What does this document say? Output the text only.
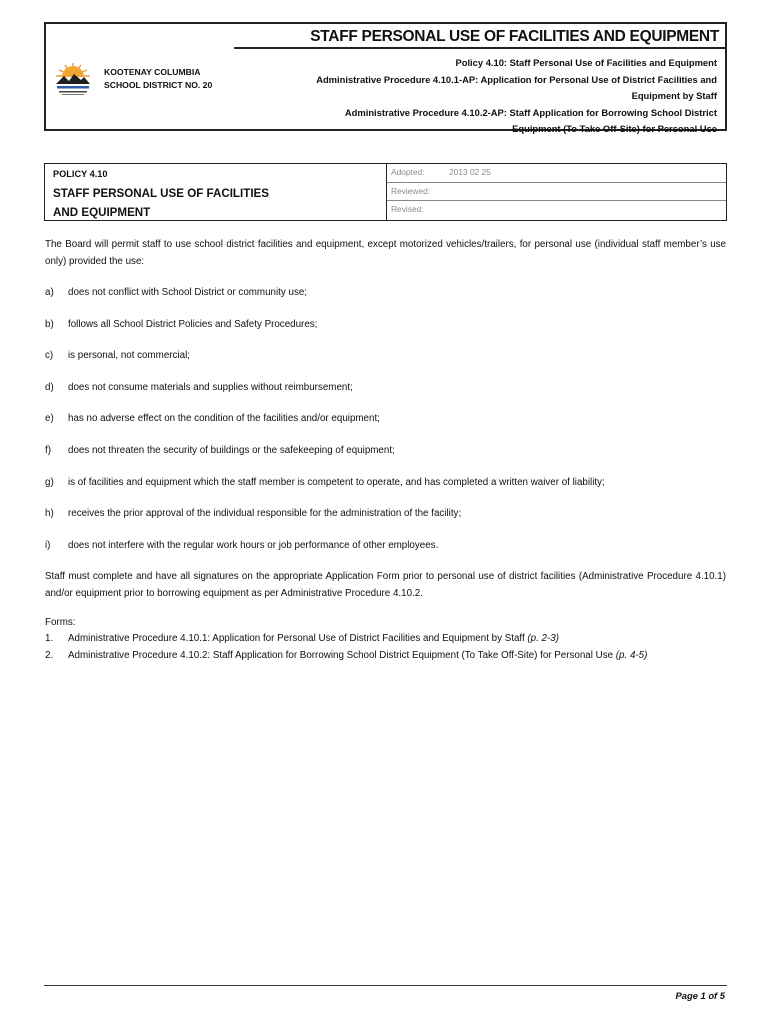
KOOTENAY COLUMBIA
SCHOOL DISTRICT NO. 20
STAFF PERSONAL USE OF FACILITIES AND EQUIPMENT
Policy 4.10: Staff Personal Use of Facilities and Equipment
Administrative Procedure 4.10.1-AP: Application for Personal Use of District Facilities and
Equipment by Staff
Administrative Procedure 4.10.2-AP: Staff Application for Borrowing School District
Equipment (To Take Off-Site) for Personal Use
POLICY 4.10
STAFF PERSONAL USE OF FACILITIES
AND EQUIPMENT
Adopted:	2013 02 25
Reviewed:
Revised:
The Board will permit staff to use school district facilities and equipment, except motorized vehicles/trailers, for personal use (individual staff member’s use only) provided the use:
a) does not conflict with School District or community use;
b) follows all School District Policies and Safety Procedures;
c) is personal, not commercial;
d) does not consume materials and supplies without reimbursement;
e) has no adverse effect on the condition of the facilities and/or equipment;
f) does not threaten the security of buildings or the safekeeping of equipment;
g) is of facilities and equipment which the staff member is competent to operate, and has completed a written waiver of liability;
h) receives the prior approval of the individual responsible for the administration of the facility;
i) does not interfere with the regular work hours or job performance of other employees.
Staff must complete and have all signatures on the appropriate Application Form prior to personal use of district facilities (Administrative Procedure 4.10.1) and/or equipment prior to borrowing equipment as per Administrative Procedure 4.10.2.
Forms:
1. Administrative Procedure 4.10.1: Application for Personal Use of District Facilities and Equipment by Staff (p. 2-3)
2. Administrative Procedure 4.10.2: Staff Application for Borrowing School District Equipment (To Take Off-Site) for Personal Use (p. 4-5)
Page 1 of 5
